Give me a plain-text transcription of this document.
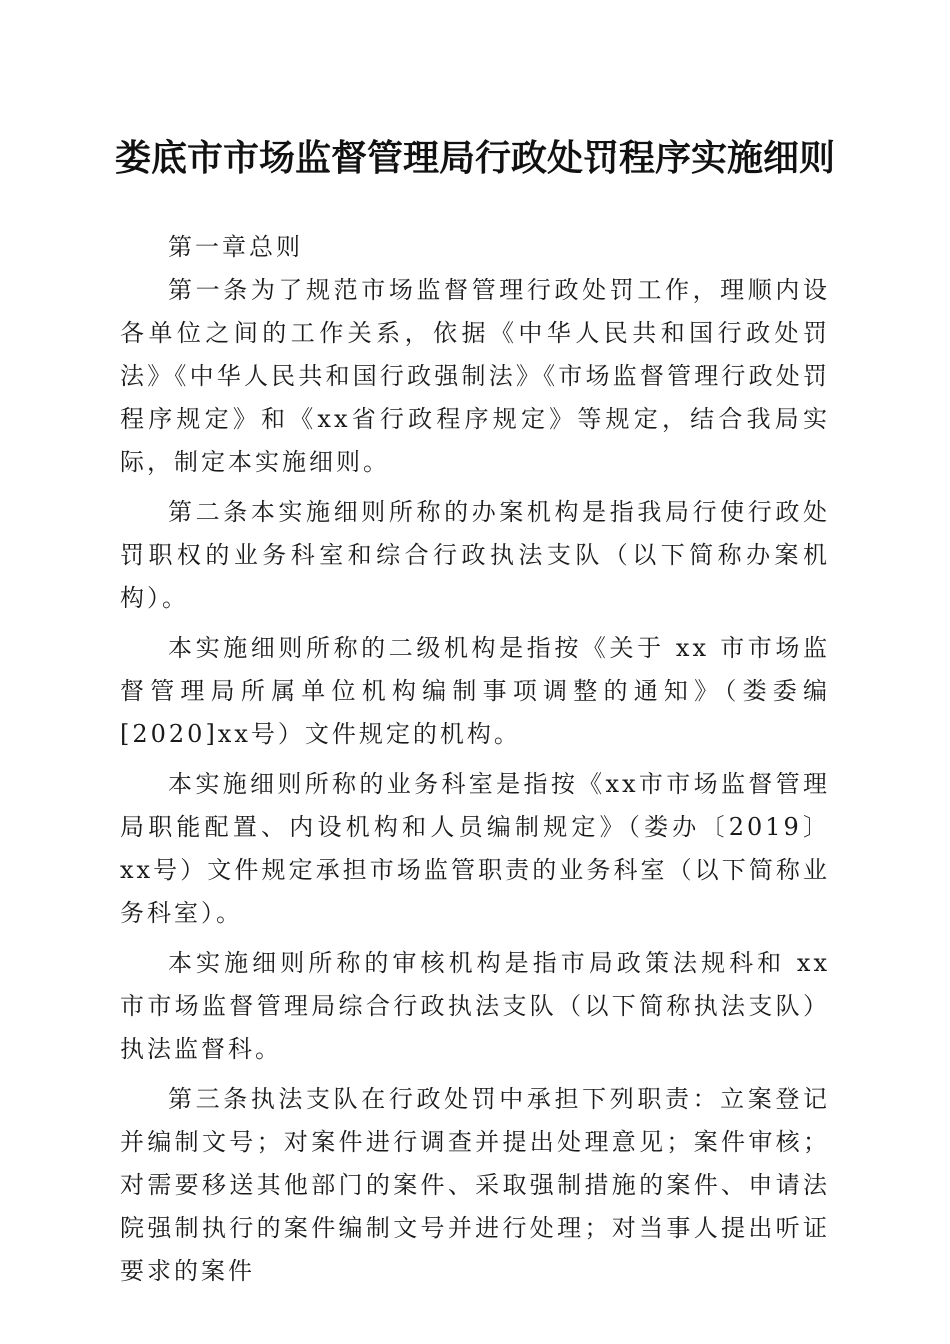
娄底市市场监督管理局行政处罚程序实施细则

第一章总则

第一条为了规范市场监督管理行政处罚工作，理顺内设各单位之间的工作关系，依据《中华人民共和国行政处罚法》《中华人民共和国行政强制法》《市场监督管理行政处罚程序规定》和《xx省行政程序规定》等规定，结合我局实际，制定本实施细则。

第二条本实施细则所称的办案机构是指我局行使行政处罚职权的业务科室和综合行政执法支队（以下简称办案机构）。

本实施细则所称的二级机构是指按《关于 xx 市市场监督管理局所属单位机构编制事项调整的通知》（娄委编[2020]xx号）文件规定的机构。

本实施细则所称的业务科室是指按《xx市市场监督管理局职能配置、内设机构和人员编制规定》（娄办〔2019〕xx号）文件规定承担市场监管职责的业务科室（以下简称业务科室）。

本实施细则所称的审核机构是指市局政策法规科和 xx 市市场监督管理局综合行政执法支队（以下简称执法支队）执法监督科。

第三条执法支队在行政处罚中承担下列职责：立案登记并编制文号；对案件进行调查并提出处理意见；案件审核；对需要移送其他部门的案件、采取强制措施的案件、申请法院强制执行的案件编制文号并进行处理；对当事人提出听证要求的案件
